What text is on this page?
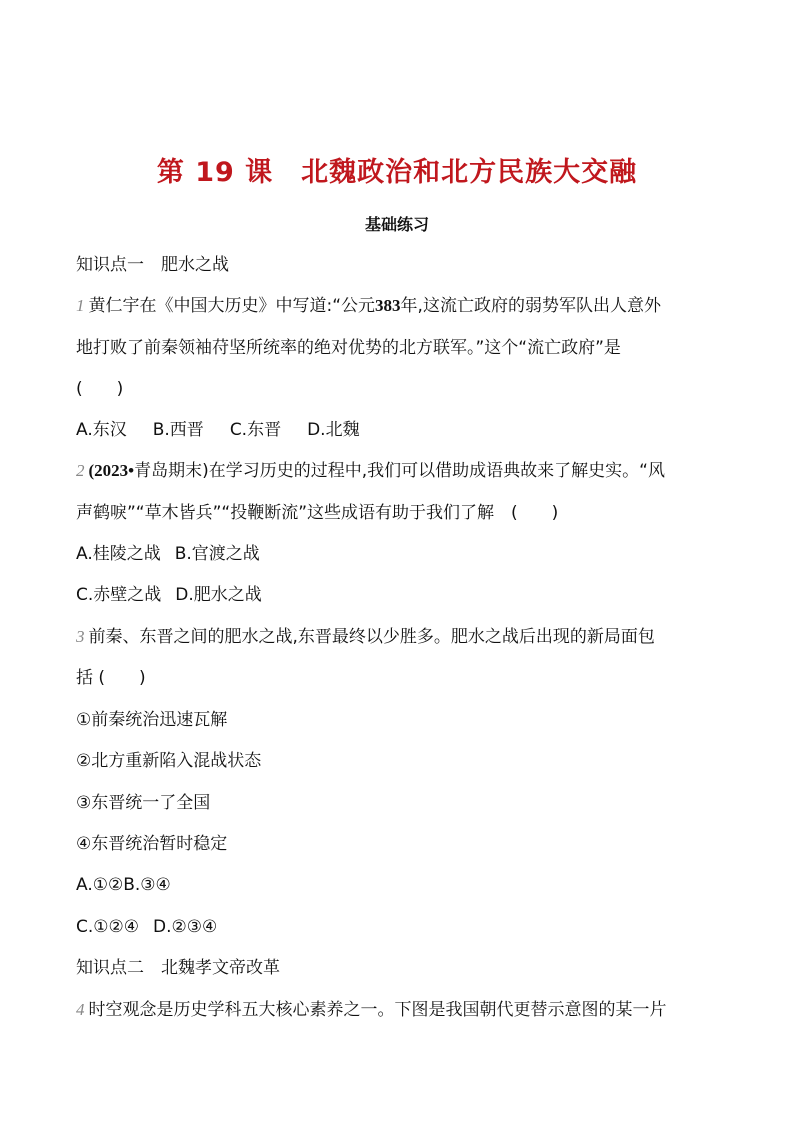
第 19 课　北魏政治和北方民族大交融
基础练习
知识点一　肥水之战
1 黄仁宇在《中国大历史》中写道:“公元383年,这流亡政府的弱势军队出人意外
地打败了前秦领袖苻坚所统率的绝对优势的北方联军。”这个“流亡政府”是
(　　)
A.东汉 B.西晋 C.东晋 D.北魏
2 (2023•青岛期末)在学习历史的过程中,我们可以借助成语典故来了解史实。“风
声鹤唳”“草木皆兵”“投鞭断流”这些成语有助于我们了解　(　　)
A.桂陵之战 B.官渡之战
C.赤壁之战 D.肥水之战
3 前秦、东晋之间的肥水之战,东晋最终以少胜多。肥水之战后出现的新局面包
括 (　　)
①前秦统治迅速瓦解
②北方重新陷入混战状态
③东晋统一了全国
④东晋统治暂时稳定
A.①②B.③④
C.①②④ D.②③④
知识点二　北魏孝文帝改革
4 时空观念是历史学科五大核心素养之一。下图是我国朝代更替示意图的某一片
